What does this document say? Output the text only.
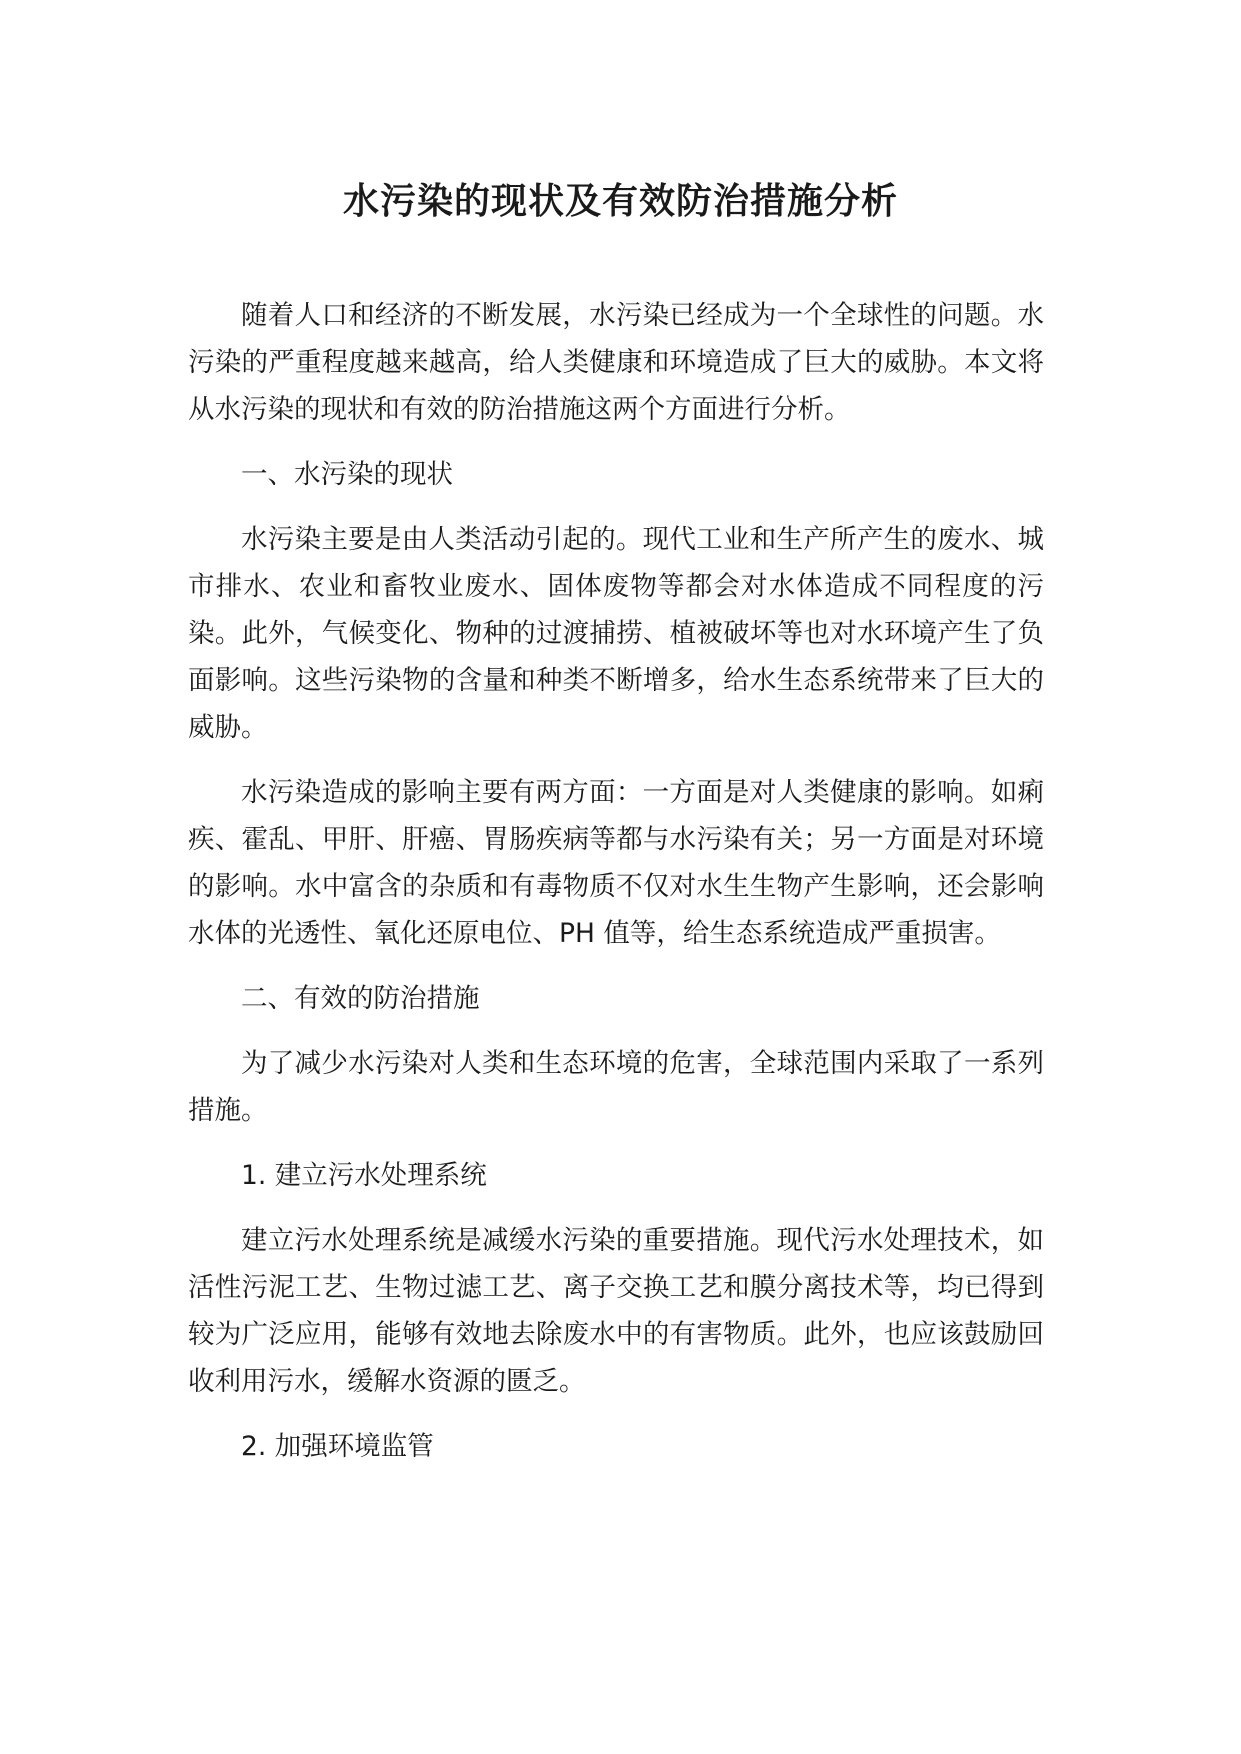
水污染的现状及有效防治措施分析

随着人口和经济的不断发展，水污染已经成为一个全球性的问题。水污染的严重程度越来越高，给人类健康和环境造成了巨大的威胁。本文将从水污染的现状和有效的防治措施这两个方面进行分析。

一、水污染的现状

水污染主要是由人类活动引起的。现代工业和生产所产生的废水、城市排水、农业和畜牧业废水、固体废物等都会对水体造成不同程度的污染。此外，气候变化、物种的过渡捕捞、植被破坏等也对水环境产生了负面影响。这些污染物的含量和种类不断增多，给水生态系统带来了巨大的威胁。

水污染造成的影响主要有两方面：一方面是对人类健康的影响。如痢疾、霍乱、甲肝、肝癌、胃肠疾病等都与水污染有关；另一方面是对环境的影响。水中富含的杂质和有毒物质不仅对水生生物产生影响，还会影响水体的光透性、氧化还原电位、PH 值等，给生态系统造成严重损害。

二、有效的防治措施

为了减少水污染对人类和生态环境的危害，全球范围内采取了一系列措施。

1. 建立污水处理系统

建立污水处理系统是减缓水污染的重要措施。现代污水处理技术，如活性污泥工艺、生物过滤工艺、离子交换工艺和膜分离技术等，均已得到较为广泛应用，能够有效地去除废水中的有害物质。此外，也应该鼓励回收利用污水，缓解水资源的匮乏。

2. 加强环境监管
